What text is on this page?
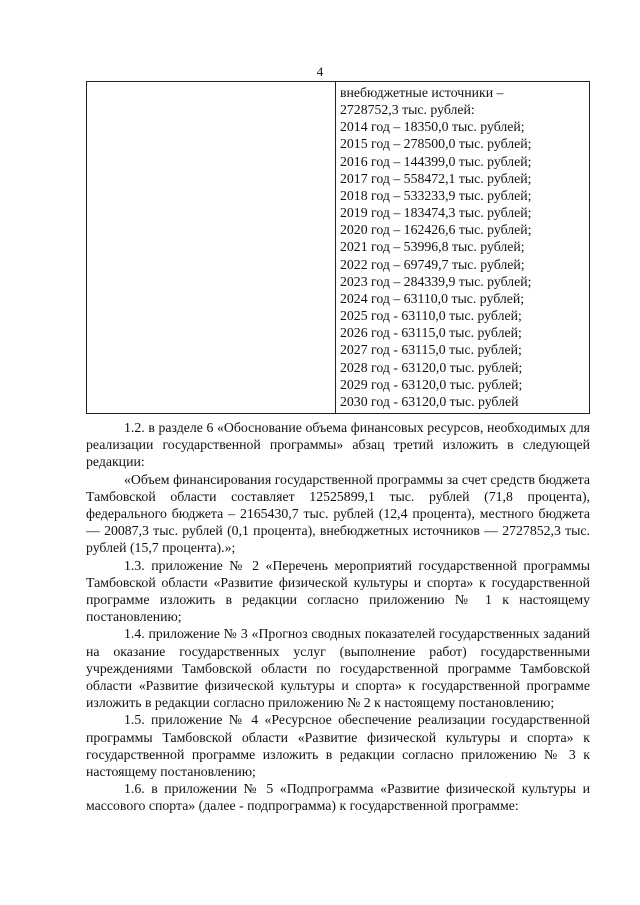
4
внебюджетные источники –
2728752,3 тыс. рублей:
2014 год – 18350,0 тыс. рублей;
2015 год – 278500,0 тыс. рублей;
2016 год – 144399,0 тыс. рублей;
2017 год – 558472,1 тыс. рублей;
2018 год – 533233,9 тыс. рублей;
2019 год – 183474,3 тыс. рублей;
2020 год – 162426,6 тыс. рублей;
2021 год – 53996,8 тыс. рублей;
2022 год – 69749,7 тыс. рублей;
2023 год – 284339,9 тыс. рублей;
2024 год – 63110,0 тыс. рублей;
2025 год - 63110,0 тыс. рублей;
2026 год - 63115,0 тыс. рублей;
2027 год - 63115,0 тыс. рублей;
2028 год - 63120,0 тыс. рублей;
2029 год - 63120,0 тыс. рублей;
2030 год - 63120,0 тыс. рублей

1.2. в разделе 6 «Обоснование объема финансовых ресурсов, необходимых для реализации государственной программы» абзац третий изложить в следующей редакции:

«Объем финансирования государственной программы за счет средств бюджета Тамбовской области составляет 12525899,1 тыс. рублей (71,8 процента), федерального бюджета – 2165430,7 тыс. рублей (12,4 процента), местного бюджета — 20087,3 тыс. рублей (0,1 процента), внебюджетных источников — 2727852,3 тыс. рублей (15,7 процента).»;

1.3. приложение № 2 «Перечень мероприятий государственной программы Тамбовской области «Развитие физической культуры и спорта» к государственной программе изложить в редакции согласно приложению № 1 к настоящему постановлению;

1.4. приложение № 3 «Прогноз сводных показателей государственных заданий на оказание государственных услуг (выполнение работ) государственными учреждениями Тамбовской области по государственной программе Тамбовской области «Развитие физической культуры и спорта» к государственной программе изложить в редакции согласно приложению № 2 к настоящему постановлению;

1.5. приложение № 4 «Ресурсное обеспечение реализации государственной программы Тамбовской области «Развитие физической культуры и спорта» к государственной программе изложить в редакции согласно приложению № 3 к настоящему постановлению;

1.6. в приложении № 5 «Подпрограмма «Развитие физической культуры и массового спорта» (далее - подпрограмма) к государственной программе:
